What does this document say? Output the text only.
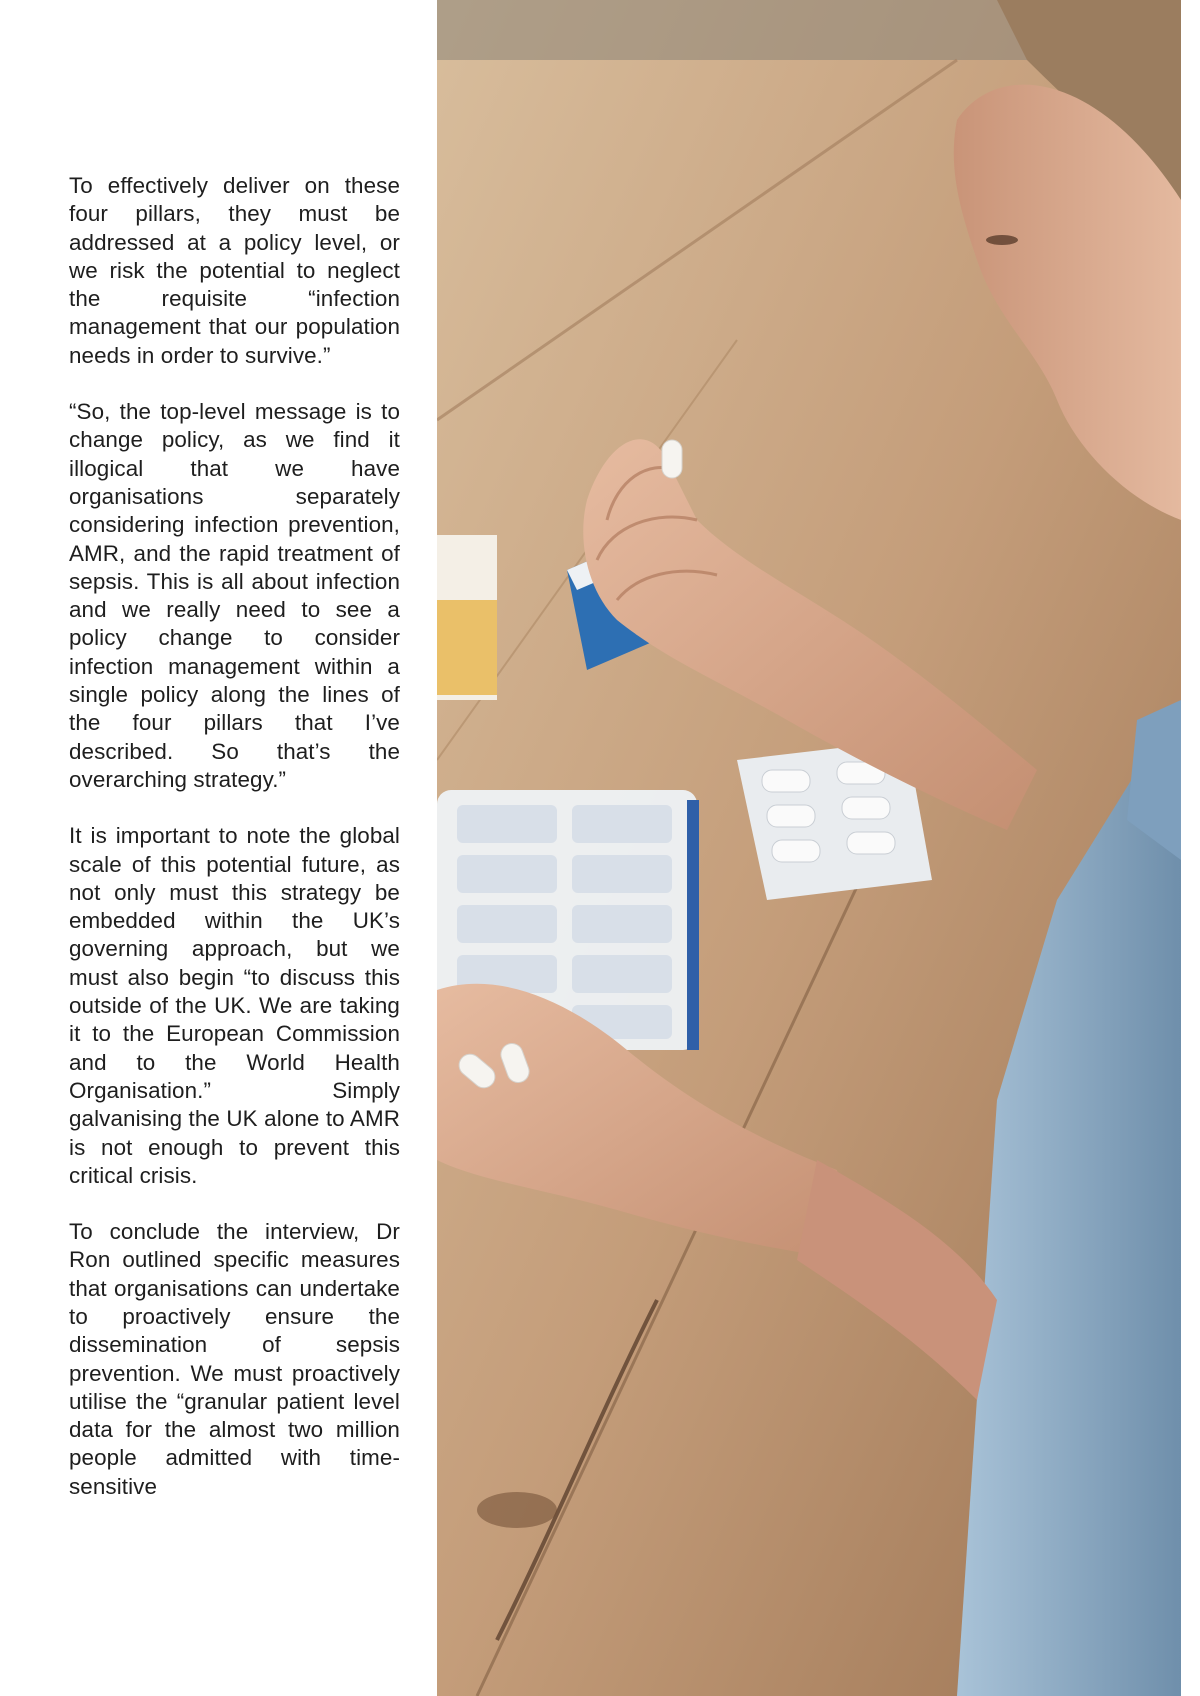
To effectively deliver on these four pillars, they must be addressed at a policy level, or we risk the potential to neglect the requisite “infection management that our population needs in order to survive.”

“So, the top-level message is to change policy, as we find it illogical that we have organisations separately considering infection prevention, AMR, and the rapid treatment of sepsis. This is all about infection and we really need to see a policy change to consider infection management within a single policy along the lines of the four pillars that I’ve described. So that’s the overarching strategy.”

It is important to note the global scale of this potential future, as not only must this strategy be embedded within the UK’s governing approach, but we must also begin “to discuss this outside of the UK. We are taking it to the European Commission and to the World Health Organisation.” Simply galvanising the UK alone to AMR is not enough to prevent this critical crisis.

To conclude the interview, Dr Ron outlined specific measures that organisations can undertake to proactively ensure the dissemination of sepsis prevention. We must proactively utilise the “granular patient level data for the almost two million people admitted with time-sensitive
